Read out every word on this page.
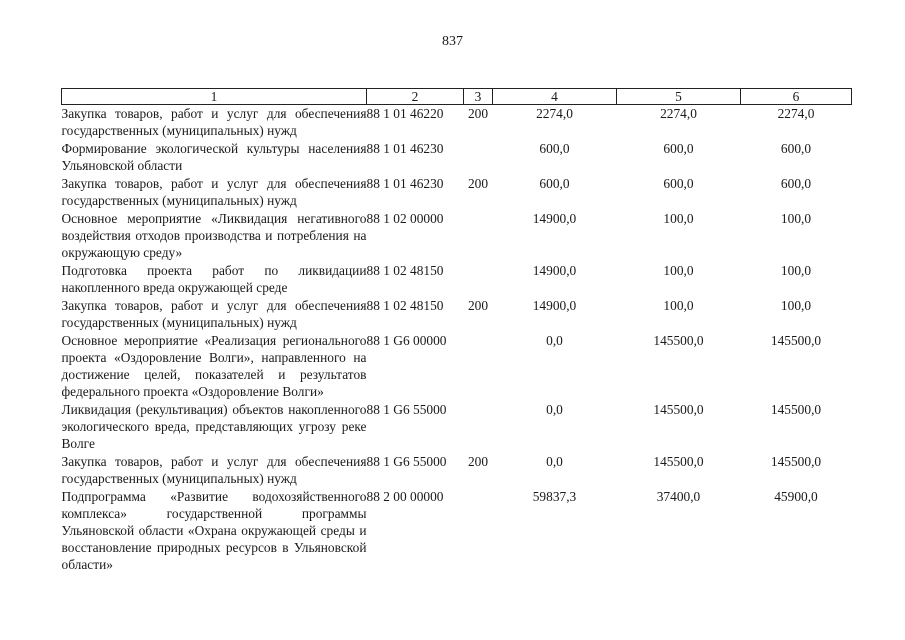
837
1	2	3	4	5	6
Закупка товаров, работ и услуг для обеспечения государственных (муниципальных) нужд	88 1 01 46220	200	2274,0	2274,0	2274,0
Формирование экологической культуры населения Ульяновской области	88 1 01 46230		600,0	600,0	600,0
Закупка товаров, работ и услуг для обеспечения государственных (муниципальных) нужд	88 1 01 46230	200	600,0	600,0	600,0
Основное мероприятие «Ликвидация негативного воздействия отходов производства и потребления на окружающую среду»	88 1 02 00000		14900,0	100,0	100,0
Подготовка проекта работ по ликвидации накопленного вреда окружающей среде	88 1 02 48150		14900,0	100,0	100,0
Закупка товаров, работ и услуг для обеспечения государственных (муниципальных) нужд	88 1 02 48150	200	14900,0	100,0	100,0
Основное мероприятие «Реализация регионального проекта «Оздоровление Волги», направленного на достижение целей, показателей и результатов федерального проекта «Оздоровление Волги»	88 1 G6 00000		0,0	145500,0	145500,0
Ликвидация (рекультивация) объектов накопленного экологического вреда, представляющих угрозу реке Волге	88 1 G6 55000		0,0	145500,0	145500,0
Закупка товаров, работ и услуг для обеспечения государственных (муниципальных) нужд	88 1 G6 55000	200	0,0	145500,0	145500,0
Подпрограмма «Развитие водохозяйственного комплекса» государственной программы Ульяновской области «Охрана окружающей среды и восстановление природных ресурсов в Ульяновской области»	88 2 00 00000		59837,3	37400,0	45900,0
